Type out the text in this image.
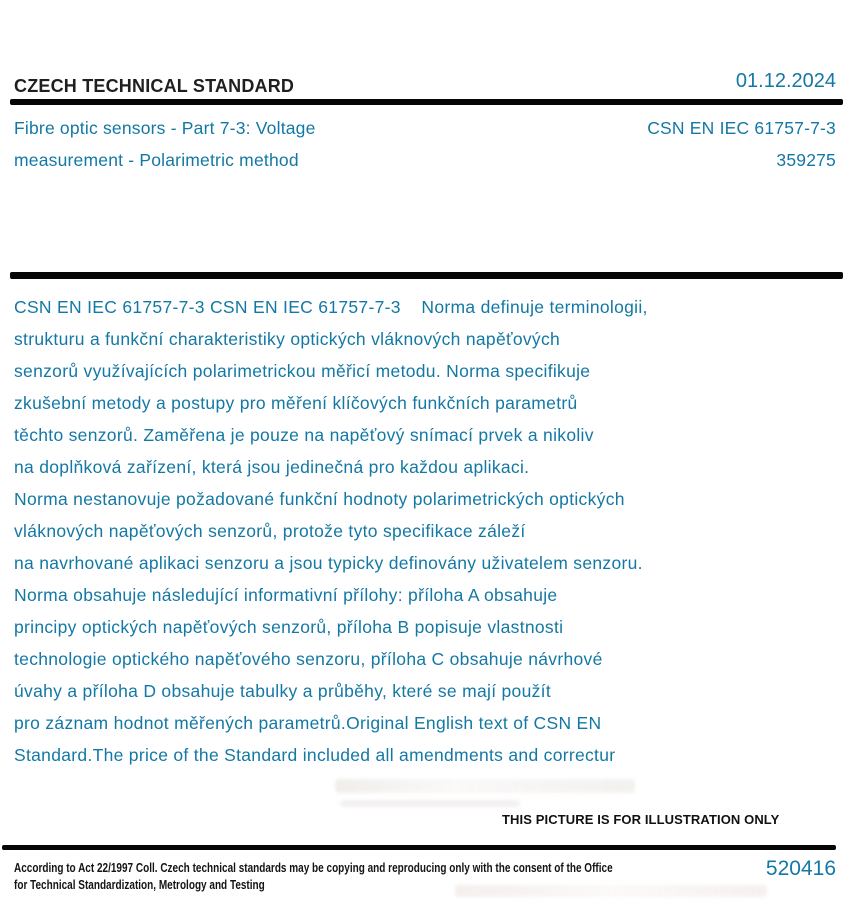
CZECH TECHNICAL STANDARD	01.12.2024
Fibre optic sensors - Part 7-3: Voltage	CSN EN IEC 61757-7-3
measurement - Polarimetric method	359275
CSN EN IEC 61757-7-3 CSN EN IEC 61757-7-3    Norma definuje terminologii,
strukturu a funkční charakteristiky optických vláknových napěťových
senzorů využívajících polarimetrickou měřicí metodu. Norma specifikuje
zkušební metody a postupy pro měření klíčových funkčních parametrů
těchto senzorů. Zaměřena je pouze na napěťový snímací prvek a nikoliv
na doplňková zařízení, která jsou jedinečná pro každou aplikaci.
Norma nestanovuje požadované funkční hodnoty polarimetrických optických
vláknových napěťových senzorů, protože tyto specifikace záleží
na navrhované aplikaci senzoru a jsou typicky definovány uživatelem senzoru.
Norma obsahuje následující informativní přílohy: příloha A obsahuje
principy optických napěťových senzorů, příloha B popisuje vlastnosti
technologie optického napěťového senzoru, příloha C obsahuje návrhové
úvahy a příloha D obsahuje tabulky a průběhy, které se mají použít
pro záznam hodnot měřených parametrů.Original English text of CSN EN
Standard.The price of the Standard included all amendments and correctur
THIS PICTURE IS FOR ILLUSTRATION ONLY
According to Act 22/1997 Coll. Czech technical standards may be copying and reproducing only with the consent of the Office
for Technical Standardization, Metrology and Testing
520416
